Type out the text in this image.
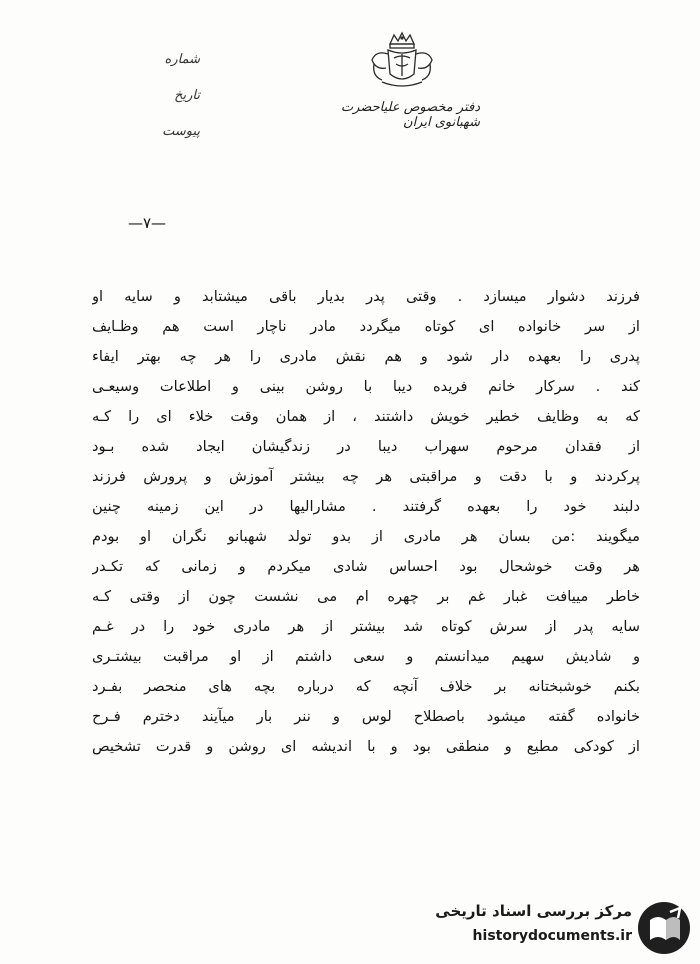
دفتر مخصوص علیاحضرت شهبانوی ایران
شماره
تاریخ
پیوست
—۷—
فرزند دشوار میسازد . وقتی پدر بدیار باقی میشتابد و سایه او
از سر خانواده ای کوتاه میگردد مادر ناچار است هم وظـایف
پدری را بعهده دار شود و هم نقش مادری را هر چه بهتر ایفاء
کند . سرکار خانم فریده دیبا با روشن بینی و اطلاعات وسیعـی
که به وظایف خطیر خویش داشتند ، از همان وقت خلاء ای را کـه
از فقدان مرحوم سهراب دیبا در زندگیشان ایجاد شده بـود
پرکردند و با دقت و مراقبتی هر چه بیشتر آموزش و پرورش فرزند
دلبند خود را بعهده گرفتند . مشارالیها در این زمینه چنین
میگویند :من بسان هر مادری از بدو تولد شهبانو نگران او بودم
هر وقت خوشحال بود احساس شادی میکردم و زمانی که تکـدر
خاطر مییافت غبار غم بر چهره ام می نشست چون از وقتی کـه
سایه پدر از سرش کوتاه شد بیشتر از هر مادری خود را در غـم
و شادیش سهیم میدانستم و سعی داشتم از او مراقبت بیشتـری
بکنم خوشبختانه بر خلاف آنچه که درباره بچه های منحصر بفـرد
خانواده گفته میشود باصطلاح لوس و ننر بار میآیند دخترم فـرح
از کودکی مطیع و منطقی بود و با اندیشه ای روشن و قدرت تشخیص
مرکز بررسی اسناد تاریخی
historydocuments.ir
